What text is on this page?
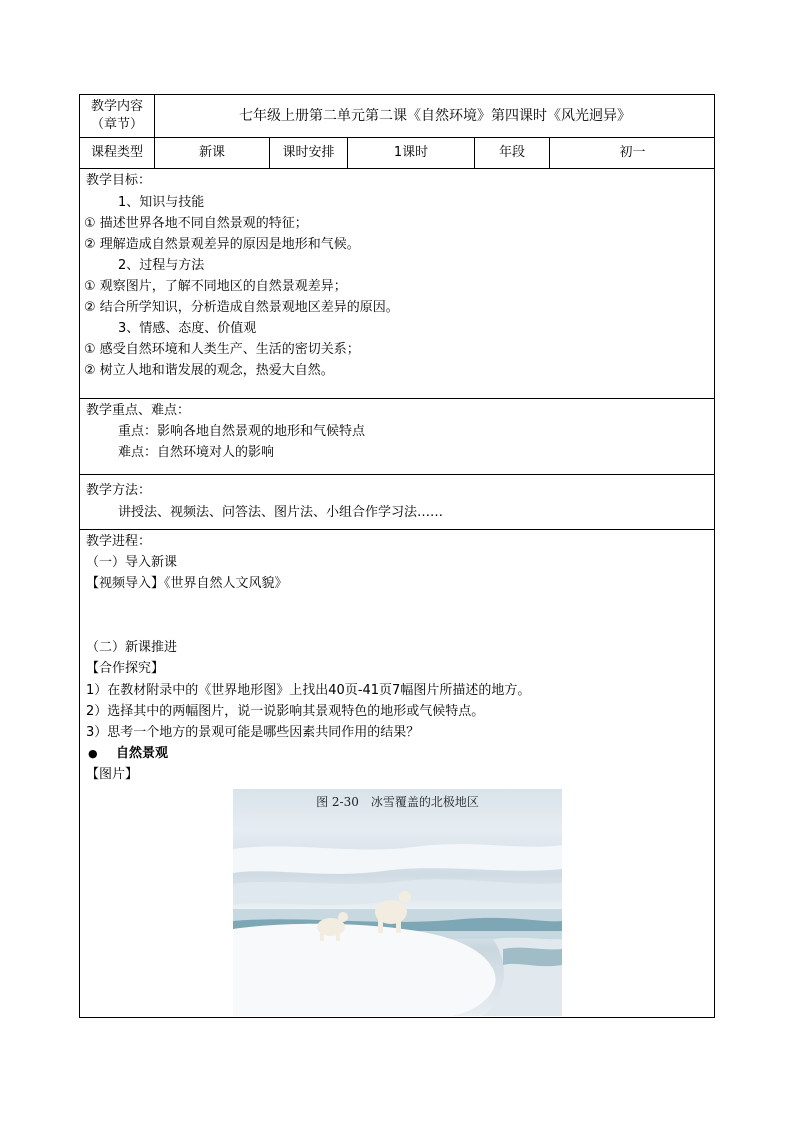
教学内容
（章节）
七年级上册第二单元第二课《自然环境》第四课时《风光迥异》
课程类型	新课	课时安排	1课时	年段	初一
教学目标：
1、知识与技能
① 描述世界各地不同自然景观的特征；
② 理解造成自然景观差异的原因是地形和气候。
2、过程与方法
① 观察图片，了解不同地区的自然景观差异；
② 结合所学知识，分析造成自然景观地区差异的原因。
3、情感、态度、价值观
① 感受自然环境和人类生产、生活的密切关系；
② 树立人地和谐发展的观念，热爱大自然。
教学重点、难点：
重点：影响各地自然景观的地形和气候特点
难点：自然环境对人的影响
教学方法：
讲授法、视频法、问答法、图片法、小组合作学习法……
教学进程：
（一）导入新课
【视频导入】《世界自然人文风貌》
（二）新课推进
【合作探究】
1）在教材附录中的《世界地形图》上找出40页-41页7幅图片所描述的地方。
2）选择其中的两幅图片，说一说影响其景观特色的地形或气候特点。
3）思考一个地方的景观可能是哪些因素共同作用的结果？
● 自然景观
【图片】
图 2-30　冰雪覆盖的北极地区
